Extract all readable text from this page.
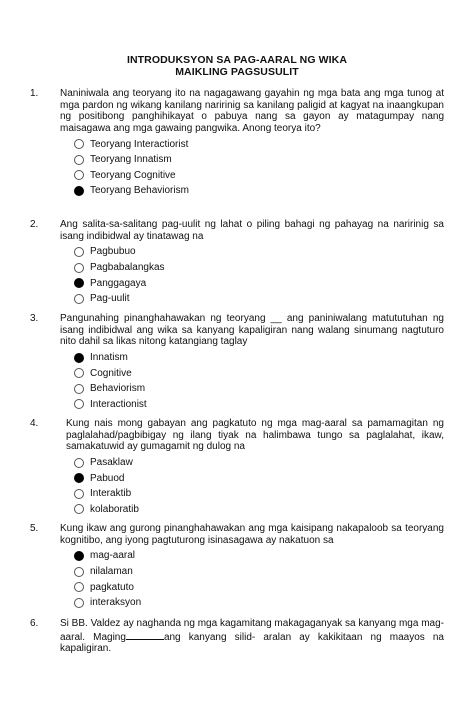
INTRODUKSYON SA PAG-AARAL NG WIKA
MAIKLING PAGSUSULIT
1.	Naniniwala ang teoryang ito na nagagawang gayahin ng mga bata ang mga tunog at mga pardon ng wikang kanilang naririnig sa kanilang paligid at kagyat na inaangkupan ng positibong panghihikayat o pabuya nang sa gayon ay matagumpay nang maisagawa ang mga gawaing pangwika. Anong teorya ito?
Teoryang Interactiorist
Teoryang Innatism
Teoryang Cognitive
Teoryang Behaviorism
2.	Ang salita-sa-salitang pag-uulit ng lahat o piling bahagi ng pahayag na naririnig sa isang indibidwal ay tinatawag na
Pagbubuo
Pagbabalangkas
Panggagaya
Pag-uulit
3.	Pangunahing pinanghahawakan ng teoryang __ ang paniniwalang matututuhan ng isang indibidwal ang wika sa kanyang kapaligiran nang walang sinumang nagtuturo nito dahil sa likas nitong katangiang taglay
Innatism
Cognitive
Behaviorism
Interactionist
4.	Kung nais mong gabayan ang pagkatuto ng mga mag-aaral sa pamamagitan ng paglalahad/pagbibigay ng ilang tiyak na halimbawa tungo sa paglalahat, ikaw, samakatuwid ay gumagamit ng dulog na
Pasaklaw
Pabuod
Interaktib
kolaboratib
5.	Kung ikaw ang gurong pinanghahawakan ang mga kaisipang nakapaloob sa teoryang kognitibo, ang iyong pagtuturong isinasagawa ay nakatuon sa
mag-aaral
nilalaman
pagkatuto
interaksyon
6.	Si BB. Valdez ay naghanda ng mga kagamitang makagaganyak sa kanyang mga mag-aaral. Maging	ang kanyang silid- aralan ay kakikitaan ng maayos na kapaligiran.
